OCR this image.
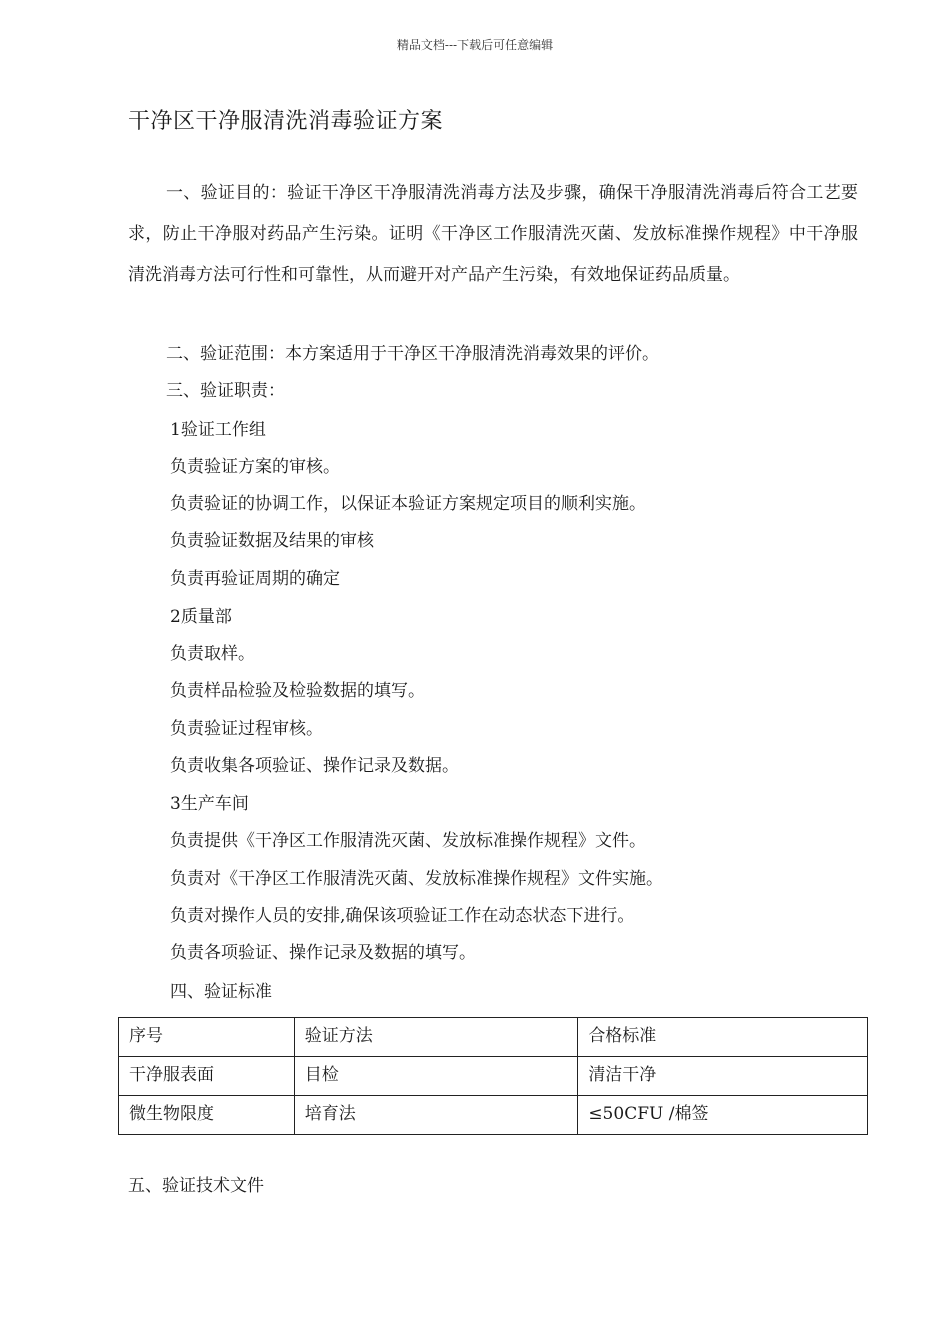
精品文档---下载后可任意编辑
干净区干净服清洗消毒验证方案
一、验证目的：验证干净区干净服清洗消毒方法及步骤，确保干净服清洗消毒后符合工艺要求，防止干净服对药品产生污染。证明《干净区工作服清洗灭菌、发放标准操作规程》中干净服清洗消毒方法可行性和可靠性，从而避开对产品产生污染，有效地保证药品质量。
二、验证范围：本方案适用于干净区干净服清洗消毒效果的评价。
三、验证职责：
1验证工作组
负责验证方案的审核。
负责验证的协调工作，以保证本验证方案规定项目的顺利实施。
负责验证数据及结果的审核
负责再验证周期的确定
2质量部
负责取样。
负责样品检验及检验数据的填写。
负责验证过程审核。
负责收集各项验证、操作记录及数据。
3生产车间
负责提供《干净区工作服清洗灭菌、发放标准操作规程》文件。
负责对《干净区工作服清洗灭菌、发放标准操作规程》文件实施。
负责对操作人员的安排,确保该项验证工作在动态状态下进行。
负责各项验证、操作记录及数据的填写。
四、验证标准
序号	验证方法	合格标准
干净服表面	目检	清洁干净
微生物限度	培育法	≤50CFU /棉签
五、验证技术文件
